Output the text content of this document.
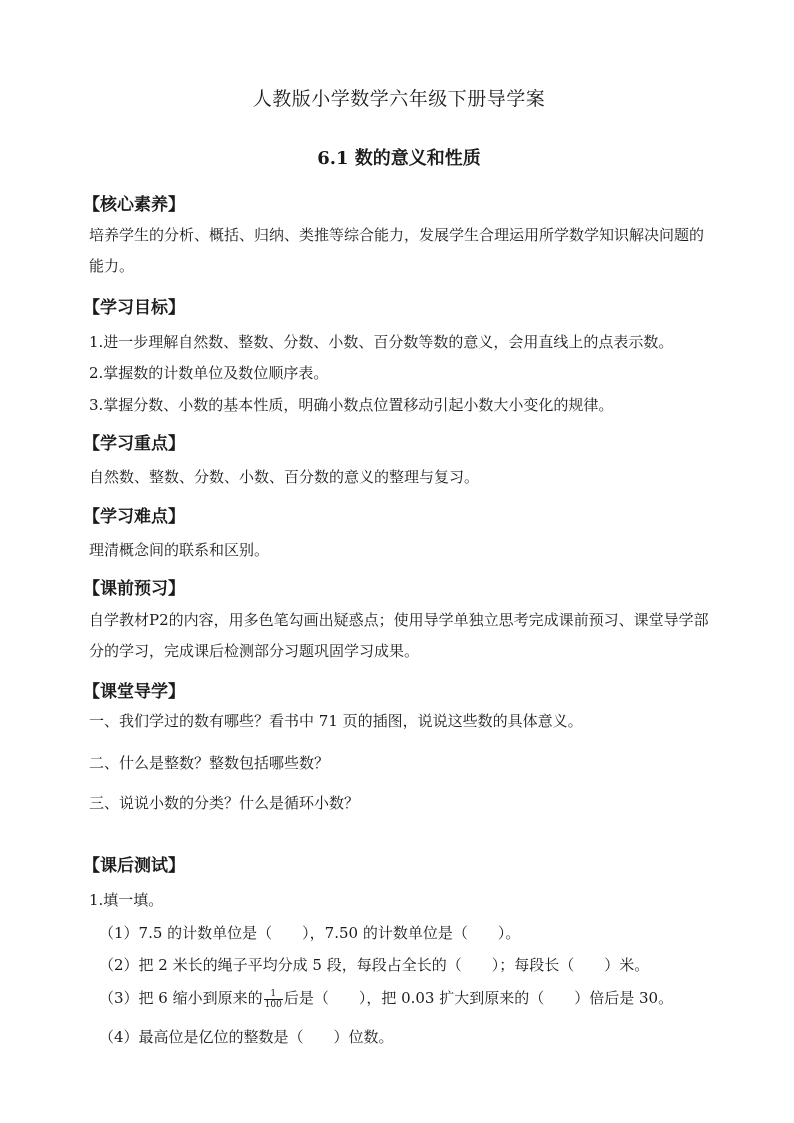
人教版小学数学六年级下册导学案
6.1 数的意义和性质
【核心素养】
培养学生的分析、概括、归纳、类推等综合能力，发展学生合理运用所学数学知识解决问题的能力。
【学习目标】
1.进一步理解自然数、整数、分数、小数、百分数等数的意义，会用直线上的点表示数。
2.掌握数的计数单位及数位顺序表。
3.掌握分数、小数的基本性质，明确小数点位置移动引起小数大小变化的规律。
【学习重点】
自然数、整数、分数、小数、百分数的意义的整理与复习。
【学习难点】
理清概念间的联系和区别。
【课前预习】
自学教材P2的内容，用多色笔勾画出疑惑点；使用导学单独立思考完成课前预习、课堂导学部分的学习，完成课后检测部分习题巩固学习成果。
【课堂导学】
一、我们学过的数有哪些？看书中 71 页的插图，说说这些数的具体意义。
二、什么是整数？整数包括哪些数？
三、说说小数的分类？什么是循环小数？
【课后测试】
1.填一填。
（1）7.5 的计数单位是（　　），7.50 的计数单位是（　　）。
（2）把 2 米长的绳子平均分成 5 段，每段占全长的（　　）；每段长（　　）米。
（3）把 6 缩小到原来的 $\frac{1}{100}$ 后是（　　），把 0.03 扩大到原来的（　　）倍后是 30。
（4）最高位是亿位的整数是（　　）位数。
